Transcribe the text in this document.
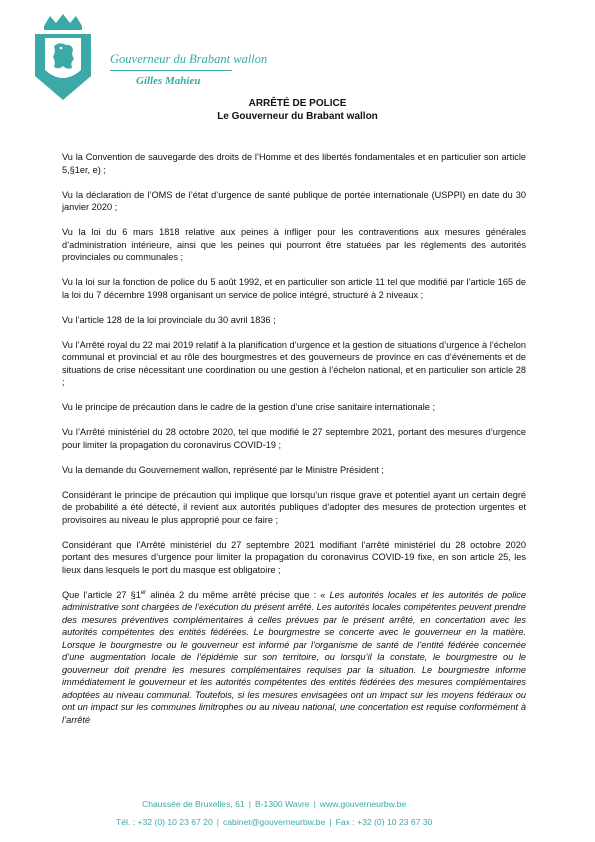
Gouverneur du Brabant wallon
Gilles Mahieu
ARRÊTÉ DE POLICE
Le Gouverneur du Brabant wallon

Vu la Convention de sauvegarde des droits de l’Homme et des libertés fondamentales et en particulier son article 5,§1er, e) ;

Vu la déclaration de l’OMS de l’état d’urgence de santé publique de portée internationale (USPPI) en date du 30 janvier 2020 ;

Vu la loi du 6 mars 1818 relative aux peines à infliger pour les contraventions aux mesures générales d’administration intérieure, ainsi que les peines qui pourront être statuées par les règlements des autorités provinciales ou communales ;

Vu la loi sur la fonction de police du 5 août 1992, et en particulier son article 11 tel que modifié par l’article 165 de la loi du 7 décembre 1998 organisant un service de police intégré, structuré à 2 niveaux ;

Vu l’article 128 de la loi provinciale du 30 avril 1836 ;

Vu l’Arrêté royal du 22 mai 2019 relatif à la planification d’urgence et la gestion de situations d’urgence à l’échelon communal et provincial et au rôle des bourgmestres et des gouverneurs de province en cas d’événements et de situations de crise nécessitant une coordination ou une gestion à l’échelon national, et en particulier son article 28 ;

Vu le principe de précaution dans le cadre de la gestion d’une crise sanitaire internationale ;

Vu l’Arrêté ministériel du 28 octobre 2020, tel que modifié le 27 septembre 2021, portant des mesures d’urgence pour limiter la propagation du coronavirus COVID-19 ;

Vu la demande du Gouvernement wallon, représenté par le Ministre Président ;

Considérant le principe de précaution qui implique que lorsqu’un risque grave et potentiel ayant un certain degré de probabilité a été détecté, il revient aux autorités publiques d’adopter des mesures de protection urgentes et provisoires au niveau le plus approprié pour ce faire ;

Considérant que l’Arrêté ministériel du 27 septembre 2021 modifiant l’arrêté ministériel du 28 octobre 2020 portant des mesures d’urgence pour limiter la propagation du coronavirus COVID-19 fixe, en son article 25, les lieux dans lesquels le port du masque est obligatoire ;

Que l’article 27 §1er alinéa 2 du même arrêté précise que : « Les autorités locales et les autorités de police administrative sont chargées de l’exécution du présent arrêté. Les autorités locales compétentes peuvent prendre des mesures préventives complémentaires à celles prévues par le présent arrêté, en concertation avec les autorités compétentes des entités fédérées. Le bourgmestre se concerte avec le gouverneur en la matière. Lorsque le bourgmestre ou le gouverneur est informé par l’organisme de santé de l’entité fédérée concernée d’une augmentation locale de l’épidémie sur son territoire, ou lorsqu’il la constate, le bourgmestre ou le gouverneur doit prendre les mesures complémentaires requises par la situation. Le bourgmestre informe immédiatement le gouverneur et les autorités compétentes des entités fédérées des mesures complémentaires adoptées au niveau communal. Toutefois, si les mesures envisagées ont un impact sur les moyens fédéraux ou ont un impact sur les communes limitrophes ou au niveau national, une concertation est requise conformément à l’arrêté

Chaussée de Bruxelles, 61 | B-1300 Wavre | www.gouverneurbw.be
Tél. : +32 (0) 10 23 67 20 | cabinet@gouverneurbw.be | Fax : +32 (0) 10 23 67 30
